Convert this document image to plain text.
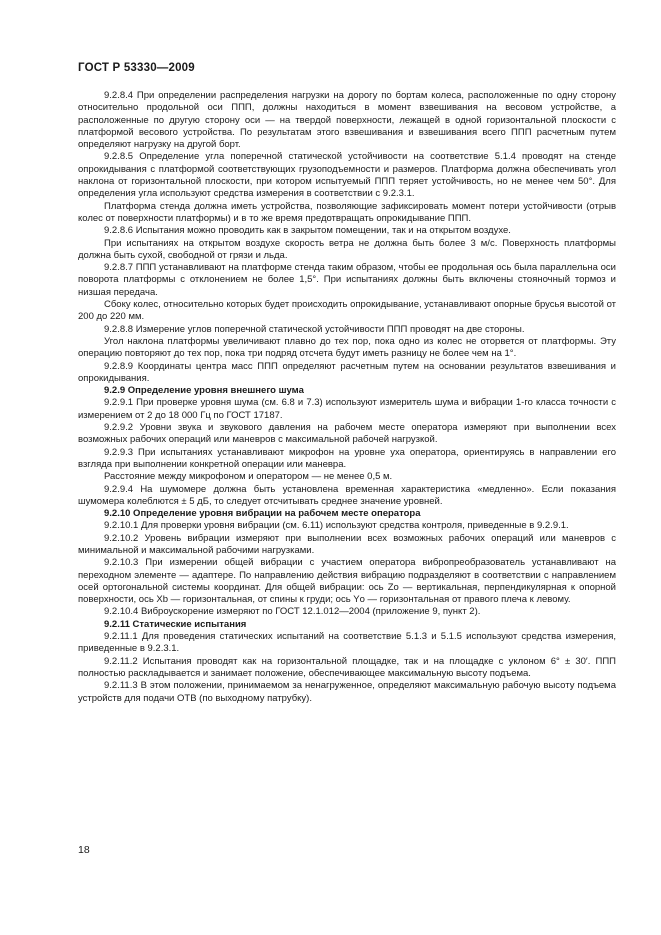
ГОСТ Р 53330—2009

9.2.8.4 При определении распределения нагрузки на дорогу по бортам колеса, расположенные по одну сторону относительно продольной оси ППП, должны находиться в момент взвешивания на весовом устройстве, а расположенные по другую сторону оси — на твердой поверхности, лежащей в одной горизонтальной плоскости с платформой весового устройства. По результатам этого взвешивания и взвешивания всего ППП расчетным путем определяют нагрузку на другой борт.

9.2.8.5 Определение угла поперечной статической устойчивости на соответствие 5.1.4 проводят на стенде опрокидывания с платформой соответствующих грузоподъемности и размеров. Платформа должна обеспечивать угол наклона от горизонтальной плоскости, при котором испытуемый ППП теряет устойчивость, но не менее чем 50°. Для определения угла используют средства измерения в соответствии с 9.2.3.1.

Платформа стенда должна иметь устройства, позволяющие зафиксировать момент потери устойчивости (отрыв колес от поверхности платформы) и в то же время предотвращать опрокидывание ППП.

9.2.8.6 Испытания можно проводить как в закрытом помещении, так и на открытом воздухе.

При испытаниях на открытом воздухе скорость ветра не должна быть более 3 м/с. Поверхность платформы должна быть сухой, свободной от грязи и льда.

9.2.8.7 ППП устанавливают на платформе стенда таким образом, чтобы ее продольная ось была параллельна оси поворота платформы с отклонением не более 1,5°. При испытаниях должны быть включены стояночный тормоз и низшая передача.

Сбоку колес, относительно которых будет происходить опрокидывание, устанавливают опорные брусья высотой от 200 до 220 мм.

9.2.8.8 Измерение углов поперечной статической устойчивости ППП проводят на две стороны.

Угол наклона платформы увеличивают плавно до тех пор, пока одно из колес не оторвется от платформы. Эту операцию повторяют до тех пор, пока три подряд отсчета будут иметь разницу не более чем на 1°.

9.2.8.9 Координаты центра масс ППП определяют расчетным путем на основании результатов взвешивания и опрокидывания.

9.2.9 Определение уровня внешнего шума

9.2.9.1 При проверке уровня шума (см. 6.8 и 7.3) используют измеритель шума и вибрации 1-го класса точности с измерением от 2 до 18 000 Гц по ГОСТ 17187.

9.2.9.2 Уровни звука и звукового давления на рабочем месте оператора измеряют при выполнении всех возможных рабочих операций или маневров с максимальной рабочей нагрузкой.

9.2.9.3 При испытаниях устанавливают микрофон на уровне уха оператора, ориентируясь в направлении его взгляда при выполнении конкретной операции или маневра.

Расстояние между микрофоном и оператором — не менее 0,5 м.

9.2.9.4 На шумомере должна быть установлена временная характеристика «медленно». Если показания шумомера колеблются ± 5 дБ, то следует отсчитывать среднее значение уровней.

9.2.10 Определение уровня вибрации на рабочем месте оператора

9.2.10.1 Для проверки уровня вибрации (см. 6.11) используют средства контроля, приведенные в 9.2.9.1.

9.2.10.2 Уровень вибрации измеряют при выполнении всех возможных рабочих операций или маневров с минимальной и максимальной рабочими нагрузками.

9.2.10.3 При измерении общей вибрации с участием оператора вибропреобразователь устанавливают на переходном элементе — адаптере. По направлению действия вибрацию подразделяют в соответствии с направлением осей ортогональной системы координат. Для общей вибрации: ось Zо — вертикальная, перпендикулярная к опорной поверхности, ось Xb — горизонтальная, от спины к груди; ось Yо — горизонтальная от правого плеча к левому.

9.2.10.4 Виброускорение измеряют по ГОСТ 12.1.012—2004 (приложение 9, пункт 2).

9.2.11 Статические испытания

9.2.11.1 Для проведения статических испытаний на соответствие 5.1.3 и 5.1.5 используют средства измерения, приведенные в 9.2.3.1.

9.2.11.2 Испытания проводят как на горизонтальной площадке, так и на площадке с уклоном 6° ± 30′. ППП полностью раскладывается и занимает положение, обеспечивающее максимальную высоту подъема.

9.2.11.3 В этом положении, принимаемом за ненагруженное, определяют максимальную рабочую высоту подъема устройств для подачи ОТВ (по выходному патрубку).

18
